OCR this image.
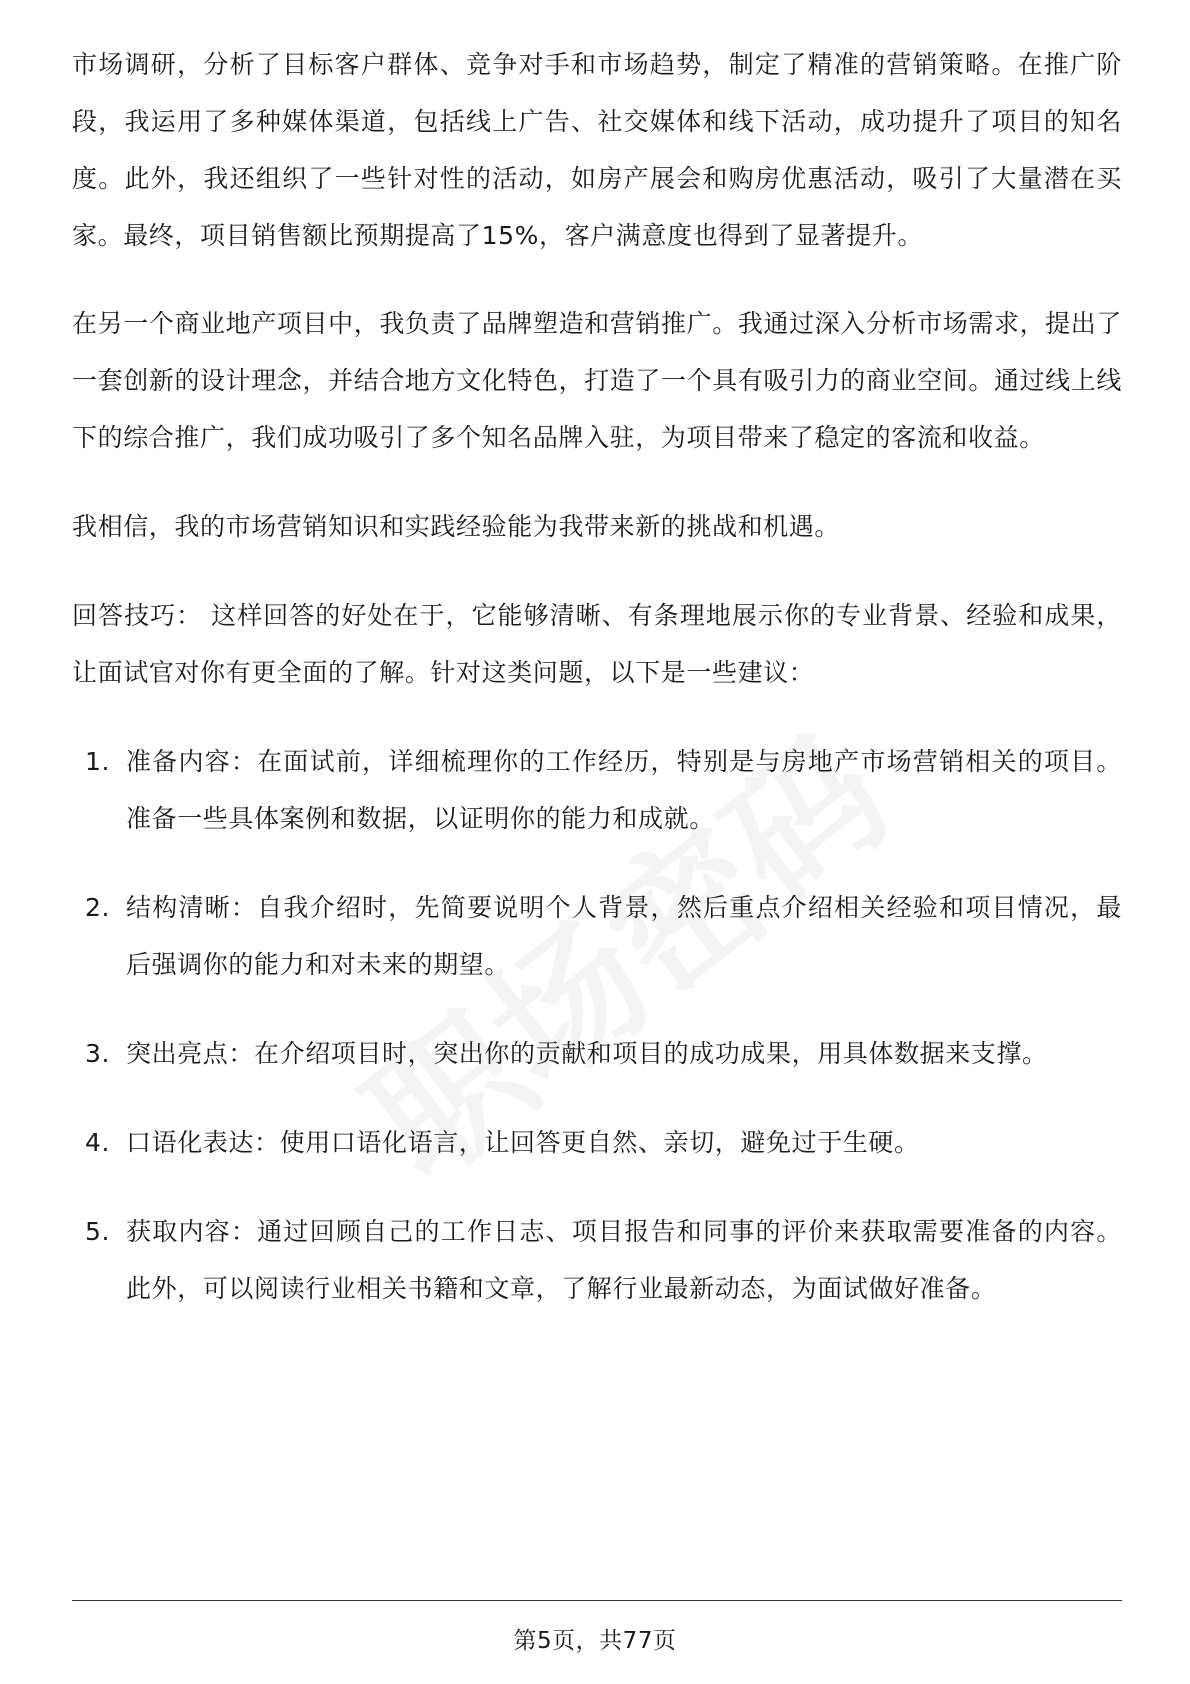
市场调研，分析了目标客户群体、竞争对手和市场趋势，制定了精准的营销策略。在推广阶段，我运用了多种媒体渠道，包括线上广告、社交媒体和线下活动，成功提升了项目的知名度。此外，我还组织了一些针对性的活动，如房产展会和购房优惠活动，吸引了大量潜在买家。最终，项目销售额比预期提高了15%，客户满意度也得到了显著提升。

在另一个商业地产项目中，我负责了品牌塑造和营销推广。我通过深入分析市场需求，提出了一套创新的设计理念，并结合地方文化特色，打造了一个具有吸引力的商业空间。通过线上线下的综合推广，我们成功吸引了多个知名品牌入驻，为项目带来了稳定的客流和收益。

我相信，我的市场营销知识和实践经验能为我带来新的挑战和机遇。

回答技巧： 这样回答的好处在于，它能够清晰、有条理地展示你的专业背景、经验和成果，让面试官对你有更全面的了解。针对这类问题，以下是一些建议：

1. 准备内容：在面试前，详细梳理你的工作经历，特别是与房地产市场营销相关的项目。准备一些具体案例和数据，以证明你的能力和成就。
2. 结构清晰：自我介绍时，先简要说明个人背景，然后重点介绍相关经验和项目情况，最后强调你的能力和对未来的期望。
3. 突出亮点：在介绍项目时，突出你的贡献和项目的成功成果，用具体数据来支撑。
4. 口语化表达：使用口语化语言，让回答更自然、亲切，避免过于生硬。
5. 获取内容：通过回顾自己的工作日志、项目报告和同事的评价来获取需要准备的内容。此外，可以阅读行业相关书籍和文章，了解行业最新动态，为面试做好准备。
第5页，共77页
